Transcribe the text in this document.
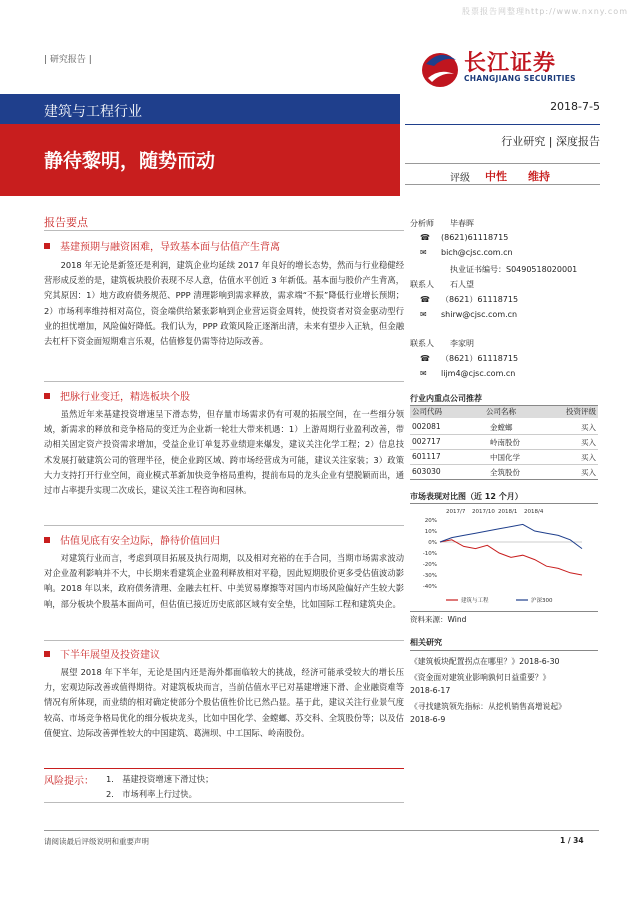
股票报告网整理http://www.nxny.com
| 研究报告 |	长江证券
CHANGJIANG SECURITIES
建筑与工程行业
静待黎明，随势而动
2018-7-5
行业研究 | 深度报告
评级 中性 维持
报告要点
基建预期与融资困难，导致基本面与估值产生背离
2018 年无论是新签还是利润，建筑企业均延续 2017 年良好的增长态势，然而与行业稳健经营形成反差的是，建筑板块股价表现不尽人意，估值水平创近 3 年新低。基本面与股价产生背离，究其原因：1）地方政府债务规范、PPP 清理影响到需求释放，需求端“不振”降低行业增长预期；2）市场利率维持相对高位，资金端供给紧张影响到企业营运资金周转，使投资者对资金驱动型行业的担忧增加，风险偏好降低。我们认为，PPP 政策风险正逐渐出清，未来有望步入正轨，但金融去杠杆下资金面短期难言乐观，估值修复仍需等待边际改善。
把脉行业变迁，精选板块个股
虽然近年来基建投资增速呈下滑态势，但存量市场需求仍有可观的拓展空间，在一些细分领域，新需求的释放和竞争格局的变迁为企业新一轮壮大带来机遇：1）上游周期行业盈利改善，带动相关固定资产投资需求增加，受益企业订单复苏业绩迎来爆发，建议关注化学工程；2）信息技术发展打破建筑公司的管理半径，使企业跨区域、跨市场经营成为可能，建议关注家装；3）政策大力支持打开行业空间，商业模式革新加快竞争格局重构，提前布局的龙头企业有望脱颖而出，通过市占率提升实现二次成长，建议关注工程咨询和园林。
估值见底有安全边际，静待价值回归
对建筑行业而言，考虑到项目拓展及执行周期，以及相对充裕的在手合同，当期市场需求波动对企业盈利影响并不大，中长期来看建筑企业盈利释放相对平稳，因此短期股价更多受估值波动影响。2018 年以来，政府债务清理、金融去杠杆、中美贸易摩擦等对国内市场风险偏好产生较大影响，部分板块个股基本面尚可，但估值已接近历史底部区域有安全垫，比如国际工程和建筑央企。
下半年展望及投资建议
展望 2018 年下半年，无论是国内还是海外都面临较大的挑战，经济可能承受较大的增长压力，宏观边际改善或值得期待。对建筑板块而言，当前估值水平已对基建增速下滑、企业融资难等情况有所体现，而业绩的相对确定使部分个股估值性价比已然凸显。基于此，建议关注行业景气度较高、市场竞争格局优化的细分板块龙头，比如中国化学、金螳螂、苏交科、全筑股份等；以及估值便宜、边际改善弹性较大的中国建筑、葛洲坝、中工国际、岭南股份。
风险提示： 1.　基建投资增速下滑过快；
2.　市场利率上行过快。
分析师　 毕春晖
☎ (8621)61118715
✉ bich@cjsc.com.cn
执业证书编号：S0490518020001
联系人　 石人望
☎ （8621）61118715
✉ shirw@cjsc.com.cn
联系人　 李家明
☎ （8621）61118715
✉ lijm4@cjsc.com.cn
行业内重点公司推荐
公司代码	公司名称	投资评级
002081	金螳螂	买入
002717	岭南股份	买入
601117	中国化学	买入
603030	全筑股份	买入
市场表现对比图（近 12 个月）
20%
10%
0%
-10%
-20%
-30%
-40%
2017/7 2017/10 2018/1 2018/4
建筑与工程	沪深300
资料来源：Wind
相关研究
《建筑板块配置拐点在哪里？》2018-6-30
《资金面对建筑业影响孰何日益重要？》
2018-6-17
《寻找建筑领先指标：从挖机销售高增说起》
2018-6-9
请阅读最后评级说明和重要声明	1 / 34
